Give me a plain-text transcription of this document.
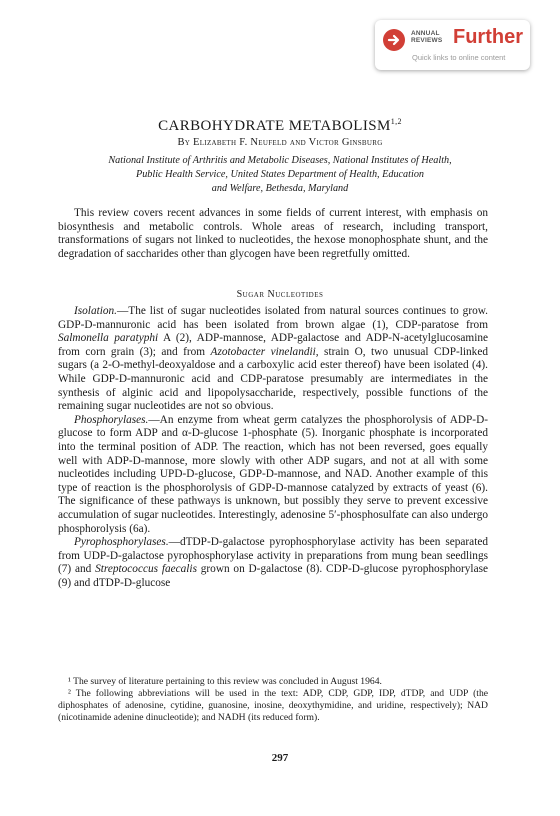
ANNUAL
REVIEWS Further
Quick links to online content
CARBOHYDRATE METABOLISM$^{1,2}$
By Elizabeth F. Neufeld and Victor Ginsburg
National Institute of Arthritis and Metabolic Diseases, National Institutes of Health,
Public Health Service, United States Department of Health, Education
and Welfare, Bethesda, Maryland

This review covers recent advances in some fields of current interest, with emphasis on biosynthesis and metabolic controls. Whole areas of research, including transport, transformations of sugars not linked to nucleotides, the hexose monophosphate shunt, and the degradation of saccharides other than glycogen have been regretfully omitted.

Sugar Nucleotides

Isolation.—The list of sugar nucleotides isolated from natural sources continues to grow. GDP-D-mannuronic acid has been isolated from brown algae (1), CDP-paratose from Salmonella paratyphi A (2), ADP-mannose, ADP-galactose and ADP-N-acetylglucosamine from corn grain (3); and from Azotobacter vinelandii, strain O, two unusual CDP-linked sugars (a 2-O-methyl-deoxyaldose and a carboxylic acid ester thereof) have been isolated (4). While GDP-D-mannuronic acid and CDP-paratose presumably are intermediates in the synthesis of alginic acid and lipopolysaccharide, respectively, possible functions of the remaining sugar nucleotides are not so obvious.

Phosphorylases.—An enzyme from wheat germ catalyzes the phosphorolysis of ADP-D-glucose to form ADP and α-D-glucose 1-phosphate (5). Inorganic phosphate is incorporated into the terminal position of ADP. The reaction, which has not been reversed, goes equally well with ADP-D-mannose, more slowly with other ADP sugars, and not at all with some nucleotides including UPD-D-glucose, GDP-D-mannose, and NAD. Another example of this type of reaction is the phosphorolysis of GDP-D-mannose catalyzed by extracts of yeast (6). The significance of these pathways is unknown, but possibly they serve to prevent excessive accumulation of sugar nucleotides. Interestingly, adenosine 5′-phosphosulfate can also undergo phosphorolysis (6a).

Pyrophosphorylases.—dTDP-D-galactose pyrophosphorylase activity has been separated from UDP-D-galactose pyrophosphorylase activity in preparations from mung bean seedlings (7) and Streptococcus faecalis grown on D-galactose (8). CDP-D-glucose pyrophosphorylase (9) and dTDP-D-glucose

¹ The survey of literature pertaining to this review was concluded in August 1964.

² The following abbreviations will be used in the text: ADP, CDP, GDP, IDP, dTDP, and UDP (the diphosphates of adenosine, cytidine, guanosine, inosine, deoxythymidine, and uridine, respectively); NAD (nicotinamide adenine dinucleotide); and NADH (its reduced form).

297
